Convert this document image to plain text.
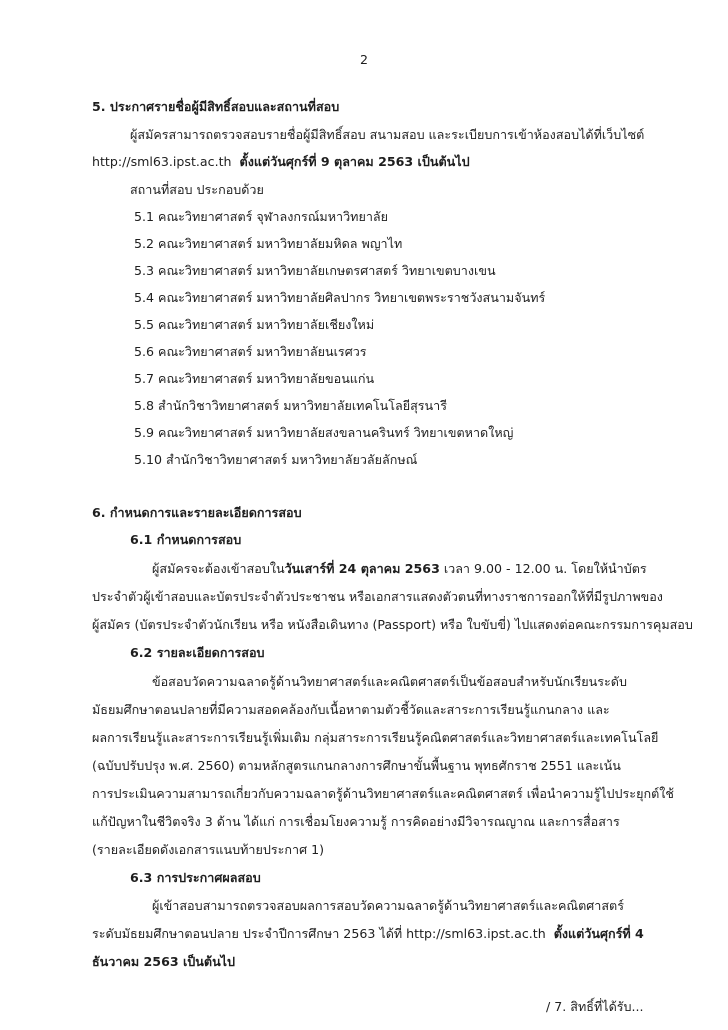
2
5. ประกาศรายชื่อผู้มีสิทธิ์สอบและสถานที่สอบ
ผู้สมัครสามารถตรวจสอบรายชื่อผู้มีสิทธิ์สอบ สนามสอบ และระเบียบการเข้าห้องสอบได้ที่เว็บไซต์
http://sml63.ipst.ac.th ตั้งแต่วันศุกร์ที่ 9 ตุลาคม 2563 เป็นต้นไป
สถานที่สอบ ประกอบด้วย
5.1 คณะวิทยาศาสตร์ จุฬาลงกรณ์มหาวิทยาลัย
5.2 คณะวิทยาศาสตร์ มหาวิทยาลัยมหิดล พญาไท
5.3 คณะวิทยาศาสตร์ มหาวิทยาลัยเกษตรศาสตร์ วิทยาเขตบางเขน
5.4 คณะวิทยาศาสตร์ มหาวิทยาลัยศิลปากร วิทยาเขตพระราชวังสนามจันทร์
5.5 คณะวิทยาศาสตร์ มหาวิทยาลัยเชียงใหม่
5.6 คณะวิทยาศาสตร์ มหาวิทยาลัยนเรศวร
5.7 คณะวิทยาศาสตร์ มหาวิทยาลัยขอนแก่น
5.8 สำนักวิชาวิทยาศาสตร์ มหาวิทยาลัยเทคโนโลยีสุรนารี
5.9 คณะวิทยาศาสตร์ มหาวิทยาลัยสงขลานครินทร์ วิทยาเขตหาดใหญ่
5.10 สำนักวิชาวิทยาศาสตร์ มหาวิทยาลัยวลัยลักษณ์
6. กำหนดการและรายละเอียดการสอบ
6.1 กำหนดการสอบ
ผู้สมัครจะต้องเข้าสอบในวันเสาร์ที่ 24 ตุลาคม 2563 เวลา 9.00 - 12.00 น. โดยให้นำบัตร
ประจำตัวผู้เข้าสอบและบัตรประจำตัวประชาชน หรือเอกสารแสดงตัวตนที่ทางราชการออกให้ที่มีรูปภาพของ
ผู้สมัคร (บัตรประจำตัวนักเรียน หรือ หนังสือเดินทาง (Passport) หรือ ใบขับขี่) ไปแสดงต่อคณะกรรมการคุมสอบ
6.2 รายละเอียดการสอบ
ข้อสอบวัดความฉลาดรู้ด้านวิทยาศาสตร์และคณิตศาสตร์เป็นข้อสอบสำหรับนักเรียนระดับ
มัธยมศึกษาตอนปลายที่มีความสอดคล้องกับเนื้อหาตามตัวชี้วัดและสาระการเรียนรู้แกนกลาง และ
ผลการเรียนรู้และสาระการเรียนรู้เพิ่มเติม กลุ่มสาระการเรียนรู้คณิตศาสตร์และวิทยาศาสตร์และเทคโนโลยี
(ฉบับปรับปรุง พ.ศ. 2560) ตามหลักสูตรแกนกลางการศึกษาขั้นพื้นฐาน พุทธศักราช 2551 และเน้น
การประเมินความสามารถเกี่ยวกับความฉลาดรู้ด้านวิทยาศาสตร์และคณิตศาสตร์ เพื่อนำความรู้ไปประยุกต์ใช้
แก้ปัญหาในชีวิตจริง 3 ด้าน ได้แก่ การเชื่อมโยงความรู้ การคิดอย่างมีวิจารณญาณ และการสื่อสาร
(รายละเอียดดังเอกสารแนบท้ายประกาศ 1)
6.3 การประกาศผลสอบ
ผู้เข้าสอบสามารถตรวจสอบผลการสอบวัดความฉลาดรู้ด้านวิทยาศาสตร์และคณิตศาสตร์
ระดับมัธยมศึกษาตอนปลาย ประจำปีการศึกษา 2563 ได้ที่ http://sml63.ipst.ac.th ตั้งแต่วันศุกร์ที่ 4
ธันวาคม 2563 เป็นต้นไป
/ 7. สิทธิ์ที่ได้รับ...
